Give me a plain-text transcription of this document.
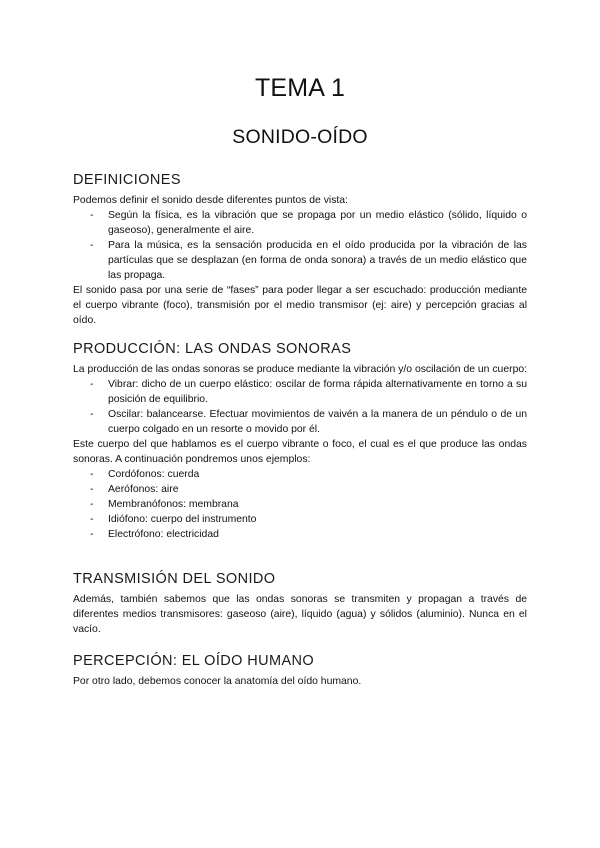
TEMA 1
SONIDO-OÍDO
DEFINICIONES

Podemos definir el sonido desde diferentes puntos de vista:

- Según la física, es la vibración que se propaga por un medio elástico (sólido, líquido o gaseoso), generalmente el aire.
- Para la música, es la sensación producida en el oído producida por la vibración de las partículas que se desplazan (en forma de onda sonora) a través de un medio elástico que las propaga.

El sonido pasa por una serie de “fases” para poder llegar a ser escuchado: producción mediante el cuerpo vibrante (foco), transmisión por el medio transmisor (ej: aire) y percepción gracias al oído.

PRODUCCIÓN: LAS ONDAS SONORAS

La producción de las ondas sonoras se produce mediante la vibración y/o oscilación de un cuerpo:

- Vibrar: dicho de un cuerpo elástico: oscilar de forma rápida alternativamente en torno a su posición de equilibrio.
- Oscilar: balancearse. Efectuar movimientos de vaivén a la manera de un péndulo o de un cuerpo colgado en un resorte o movido por él.

Este cuerpo del que hablamos es el cuerpo vibrante o foco, el cual es el que produce las ondas sonoras. A continuación pondremos unos ejemplos:

- Cordófonos: cuerda
- Aerófonos: aire
- Membranófonos: membrana
- Idiófono: cuerpo del instrumento
- Electrófono: electricidad
TRANSMISIÓN DEL SONIDO

Además, también sabemos que las ondas sonoras se transmiten y propagan a través de diferentes medios transmisores: gaseoso (aire), líquido (agua) y sólidos (aluminio). Nunca en el vacío.

PERCEPCIÓN: EL OÍDO HUMANO

Por otro lado, debemos conocer la anatomía del oído humano.
